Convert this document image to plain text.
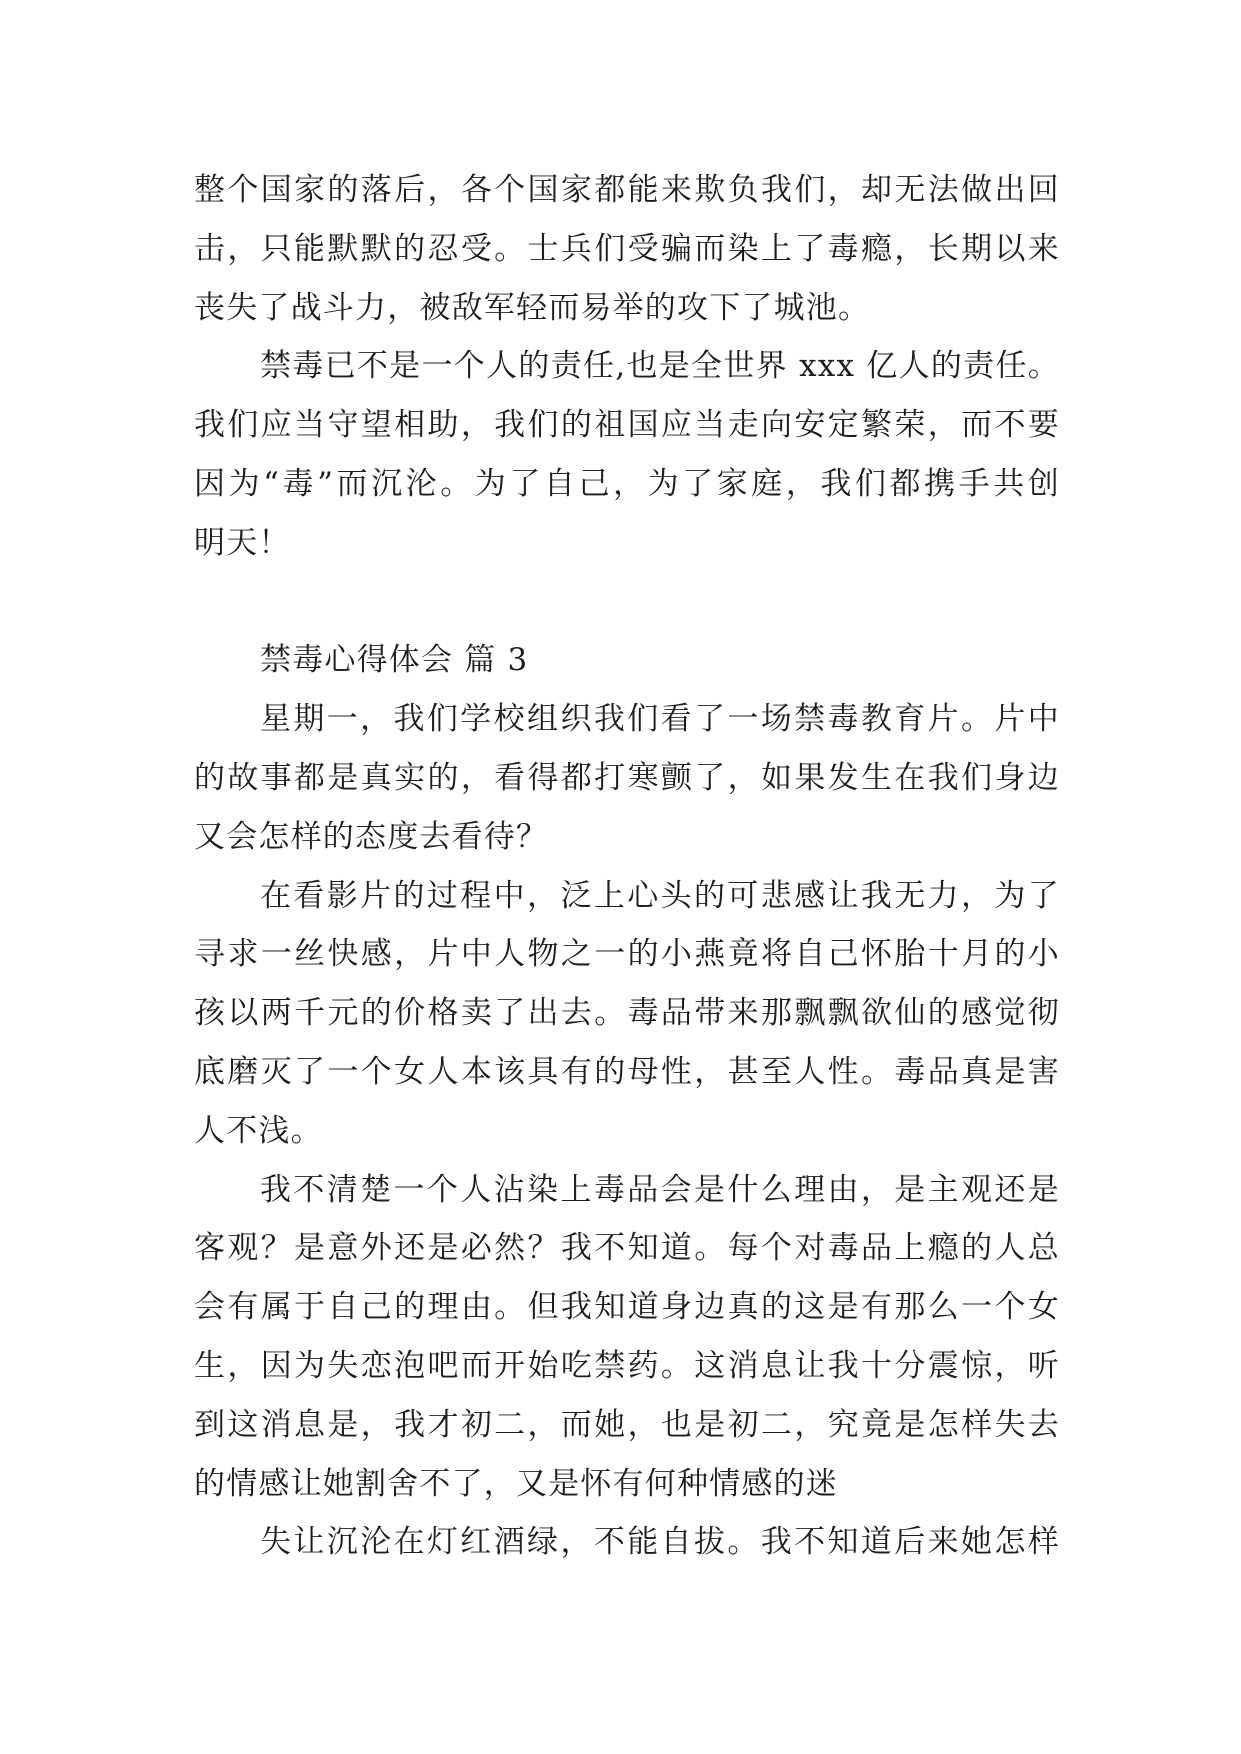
整个国家的落后，各个国家都能来欺负我们，却无法做出回
击，只能默默的忍受。士兵们受骗而染上了毒瘾，长期以来
丧失了战斗力，被敌军轻而易举的攻下了城池。
禁毒已不是一个人的责任,也是全世界 xxx 亿人的责任。
我们应当守望相助，我们的祖国应当走向安定繁荣，而不要
因为“毒”而沉沦。为了自己，为了家庭，我们都携手共创
明天！
禁毒心得体会 篇 3
星期一，我们学校组织我们看了一场禁毒教育片。片中
的故事都是真实的，看得都打寒颤了，如果发生在我们身边
又会怎样的态度去看待？
在看影片的过程中，泛上心头的可悲感让我无力，为了
寻求一丝快感，片中人物之一的小燕竟将自己怀胎十月的小
孩以两千元的价格卖了出去。毒品带来那飘飘欲仙的感觉彻
底磨灭了一个女人本该具有的母性，甚至人性。毒品真是害
人不浅。
我不清楚一个人沾染上毒品会是什么理由，是主观还是
客观？是意外还是必然？我不知道。每个对毒品上瘾的人总
会有属于自己的理由。但我知道身边真的这是有那么一个女
生，因为失恋泡吧而开始吃禁药。这消息让我十分震惊，听
到这消息是，我才初二，而她，也是初二，究竟是怎样失去
的情感让她割舍不了，又是怀有何种情感的迷
失让沉沦在灯红酒绿，不能自拔。我不知道后来她怎样
